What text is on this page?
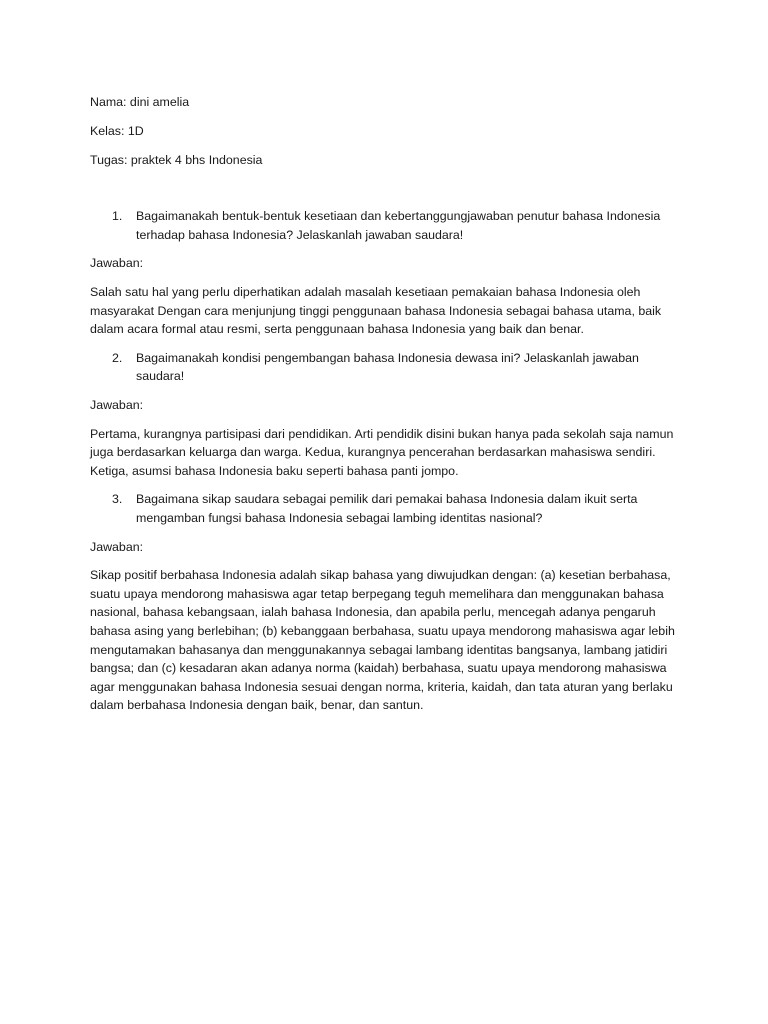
Nama: dini amelia
Kelas: 1D
Tugas: praktek 4 bhs Indonesia
1.	Bagaimanakah bentuk-bentuk kesetiaan dan kebertanggungjawaban penutur bahasa Indonesia terhadap bahasa Indonesia? Jelaskanlah jawaban saudara!
Jawaban:
Salah satu hal yang perlu diperhatikan adalah masalah kesetiaan pemakaian bahasa Indonesia oleh masyarakat Dengan cara menjunjung tinggi penggunaan bahasa Indonesia sebagai bahasa utama, baik dalam acara formal atau resmi, serta penggunaan bahasa Indonesia yang baik dan benar.
2.	Bagaimanakah kondisi pengembangan bahasa Indonesia dewasa ini? Jelaskanlah jawaban saudara!
Jawaban:
Pertama, kurangnya partisipasi dari pendidikan. Arti pendidik disini bukan hanya pada sekolah saja namun juga berdasarkan keluarga dan warga. Kedua, kurangnya pencerahan berdasarkan mahasiswa sendiri. Ketiga, asumsi bahasa Indonesia baku seperti bahasa panti jompo.
3.	Bagaimana sikap saudara sebagai pemilik dari pemakai bahasa Indonesia dalam ikuit serta mengamban fungsi bahasa Indonesia sebagai lambing identitas nasional?
Jawaban:
Sikap positif berbahasa Indonesia adalah sikap bahasa yang diwujudkan dengan: (a) kesetian berbahasa, suatu upaya mendorong mahasiswa agar tetap berpegang teguh memelihara dan menggunakan bahasa nasional, bahasa kebangsaan, ialah bahasa Indonesia, dan apabila perlu, mencegah adanya pengaruh bahasa asing yang berlebihan; (b) kebanggaan berbahasa, suatu upaya mendorong mahasiswa agar lebih mengutamakan bahasanya dan menggunakannya sebagai lambang identitas bangsanya, lambang jatidiri bangsa; dan (c) kesadaran akan adanya norma (kaidah) berbahasa, suatu upaya mendorong mahasiswa agar menggunakan bahasa Indonesia sesuai dengan norma, kriteria, kaidah, dan tata aturan yang berlaku dalam berbahasa Indonesia dengan baik, benar, dan santun.
